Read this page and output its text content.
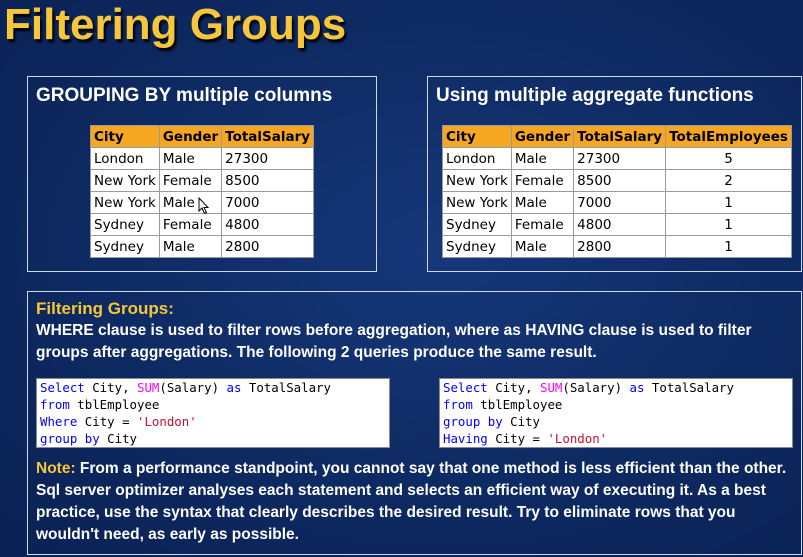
Filtering Groups
GROUPING BY multiple columns
City	Gender	TotalSalary
London	Male	27300
New York	Female	8500
New York	Male	7000
Sydney	Female	4800
Sydney	Male	2800
Using multiple aggregate functions
City	Gender	TotalSalary	TotalEmployees
London	Male	27300	5
New York	Female	8500	2
New York	Male	7000	1
Sydney	Female	4800	1
Sydney	Male	2800	1
Filtering Groups:
WHERE clause is used to filter rows before aggregation, where as HAVING clause is used to filter groups after aggregations. The following 2 queries produce the same result.
Select City, SUM(Salary) as TotalSalary
from tblEmployee
Where City = 'London'
group by City
Select City, SUM(Salary) as TotalSalary
from tblEmployee
group by City
Having City = 'London'
Note: From a performance standpoint, you cannot say that one method is less efficient than the other. Sql server optimizer analyses each statement and selects an efficient way of executing it. As a best practice, use the syntax that clearly describes the desired result. Try to eliminate rows that you wouldn't need, as early as possible.
